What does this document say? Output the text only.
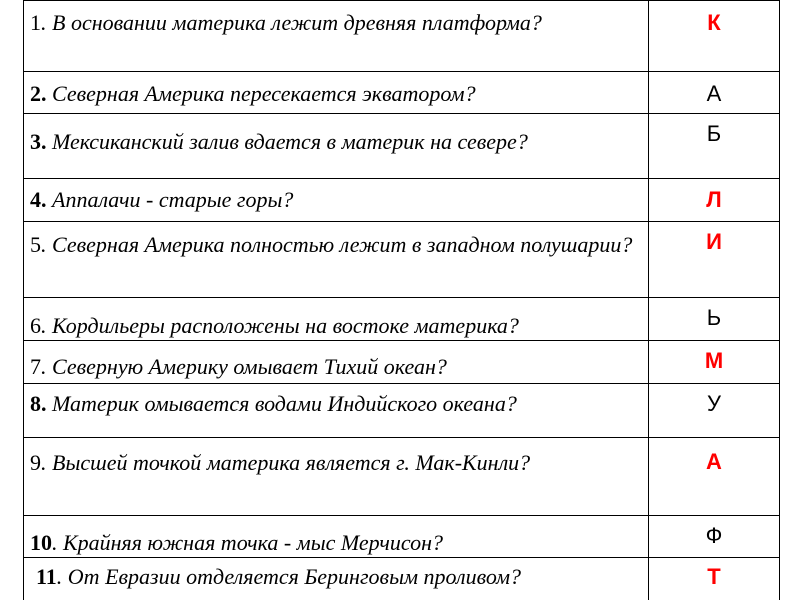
1. В основании материка лежит древняя платформа?	К

2. Северная Америка пересекается экватором?	А

3. Мексиканский залив вдается в материк на севере?	Б

4. Аппалачи - старые горы?	Л

5. Северная Америка полностью лежит в западном полушарии?	И

6. Кордильеры расположены на востоке материка?	Ь

7. Северную Америку омывает Тихий океан?	М

8. Материк омывается водами Индийского океана?	У

9. Высшей точкой материка является г. Мак-Кинли?	А

10. Крайняя южная точка - мыс Мерчисон?	Ф

11. От Евразии отделяется Беринговым проливом?	Т
